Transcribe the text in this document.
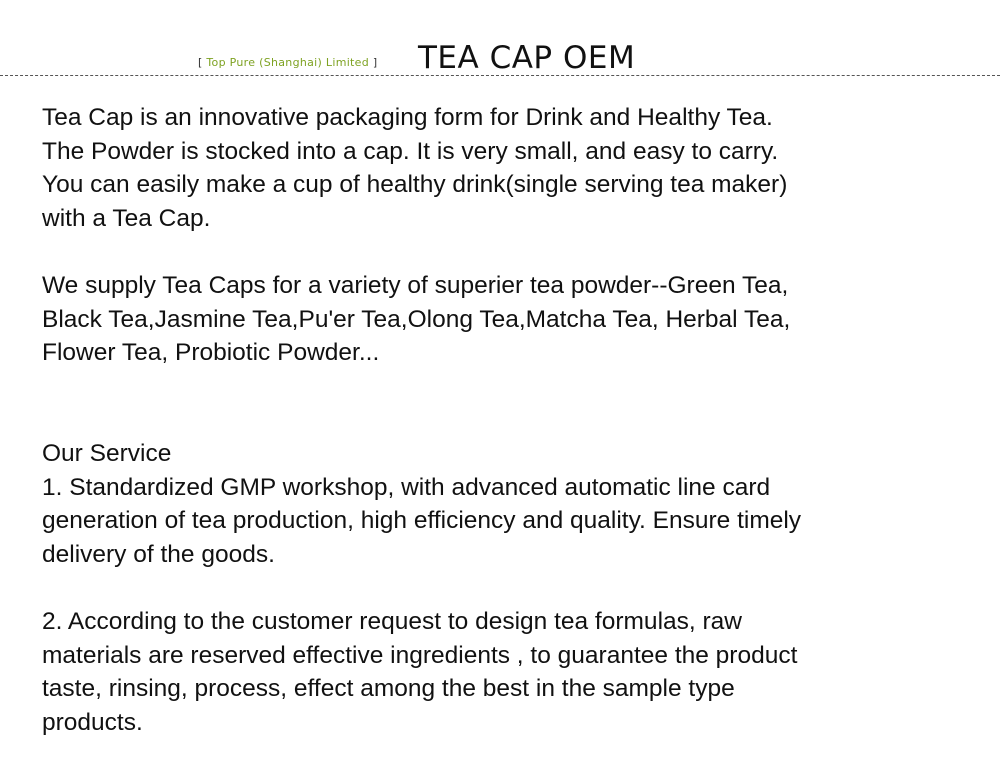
[ Top Pure (Shanghai) Limited ] TEA CAP OEM

Tea Cap is an innovative packaging form for Drink and Healthy Tea.
The Powder is stocked into a cap. It is very small, and easy to carry.
You can easily make a cup of healthy drink(single serving tea maker)
with a Tea Cap.

We supply Tea Caps for a variety of superier tea powder--Green Tea,
Black Tea,Jasmine Tea,Pu'er Tea,Olong Tea,Matcha Tea, Herbal Tea,
Flower Tea, Probiotic Powder...

Our Service
1. Standardized GMP workshop, with advanced automatic line card
generation of tea production, high efficiency and quality. Ensure timely
delivery of the goods.

2. According to the customer request to design tea formulas, raw
materials are reserved effective ingredients , to guarantee the product
taste, rinsing, process, effect among the best in the sample type
products.
